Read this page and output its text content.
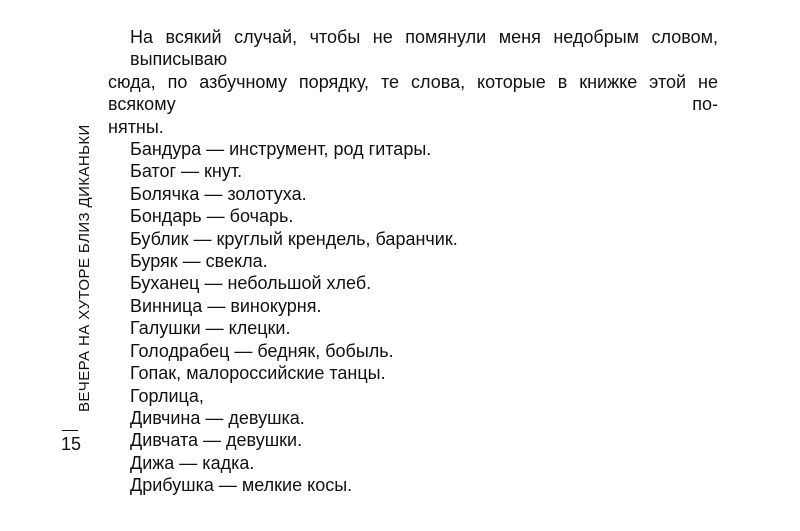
ВЕЧЕРА НА ХУТОРЕ БЛИЗ ДИКАНЬКИ
15

На всякий случай, чтобы не помянули меня недобрым словом, выписываю
сюда, по азбучному порядку, те слова, которые в книжке этой не всякому по-
нятны.

Бандура — инструмент, род гитары.
Батог — кнут.
Болячка — золотуха.
Бондарь — бочарь.
Бублик — круглый крендель, баранчик.
Буряк — свекла.
Буханец — небольшой хлеб.
Винница — винокурня.
Галушки — клецки.
Голодрабец — бедняк, бобыль.
Гопак, малороссийские танцы.
Горлица,
Дивчина — девушка.
Дивчата — девушки.
Дижа — кадка.
Дрибушка — мелкие косы.
